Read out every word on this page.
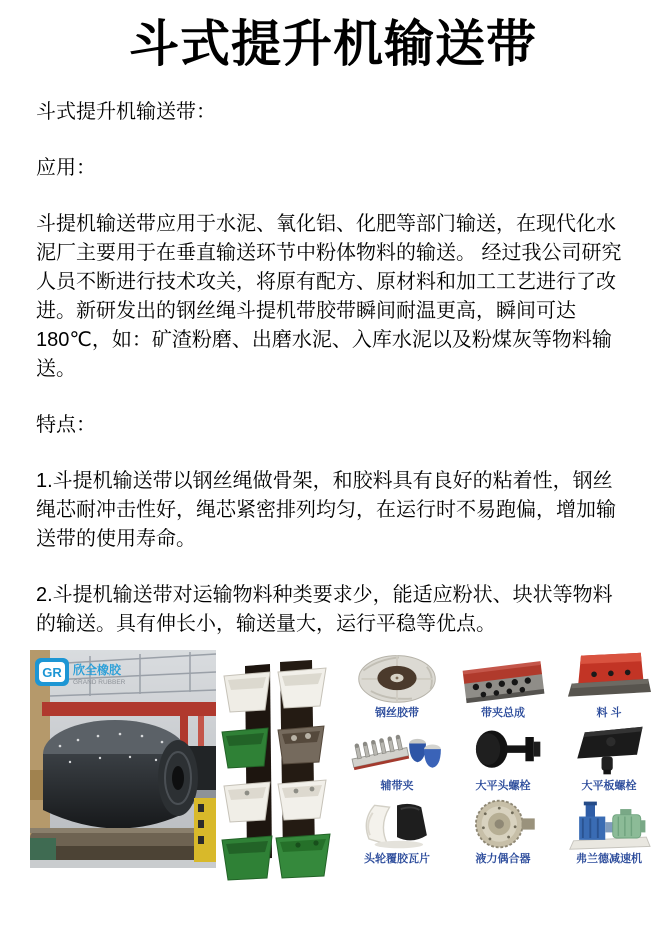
斗式提升机输送带

斗式提升机输送带：

应用：

斗提机输送带应用于水泥、氧化铝、化肥等部门输送，在现代化水泥厂主要用于在垂直输送环节中粉体物料的输送。 经过我公司研究人员不断进行技术攻关，将原有配方、原材料和加工工艺进行了改进。新研发出的钢丝绳斗提机带胶带瞬间耐温更高，瞬间可达180℃，如：矿渣粉磨、出磨水泥、入库水泥以及粉煤灰等物料输送。

特点：

1.斗提机输送带以钢丝绳做骨架，和胶料具有良好的粘着性，钢丝绳芯耐冲击性好，绳芯紧密排列均匀，在运行时不易跑偏，增加输送带的使用寿命。

2.斗提机输送带对运输物料种类要求少，能适应粉状、块状等物料的输送。具有伸长小，输送量大，运行平稳等优点。

GR 欣全橡胶
GRAND RUBBER
钢丝胶带	带夹总成	料 斗
辅带夹	大平头螺栓	大平板螺栓
头轮覆胶瓦片	液力偶合器	弗兰德减速机
